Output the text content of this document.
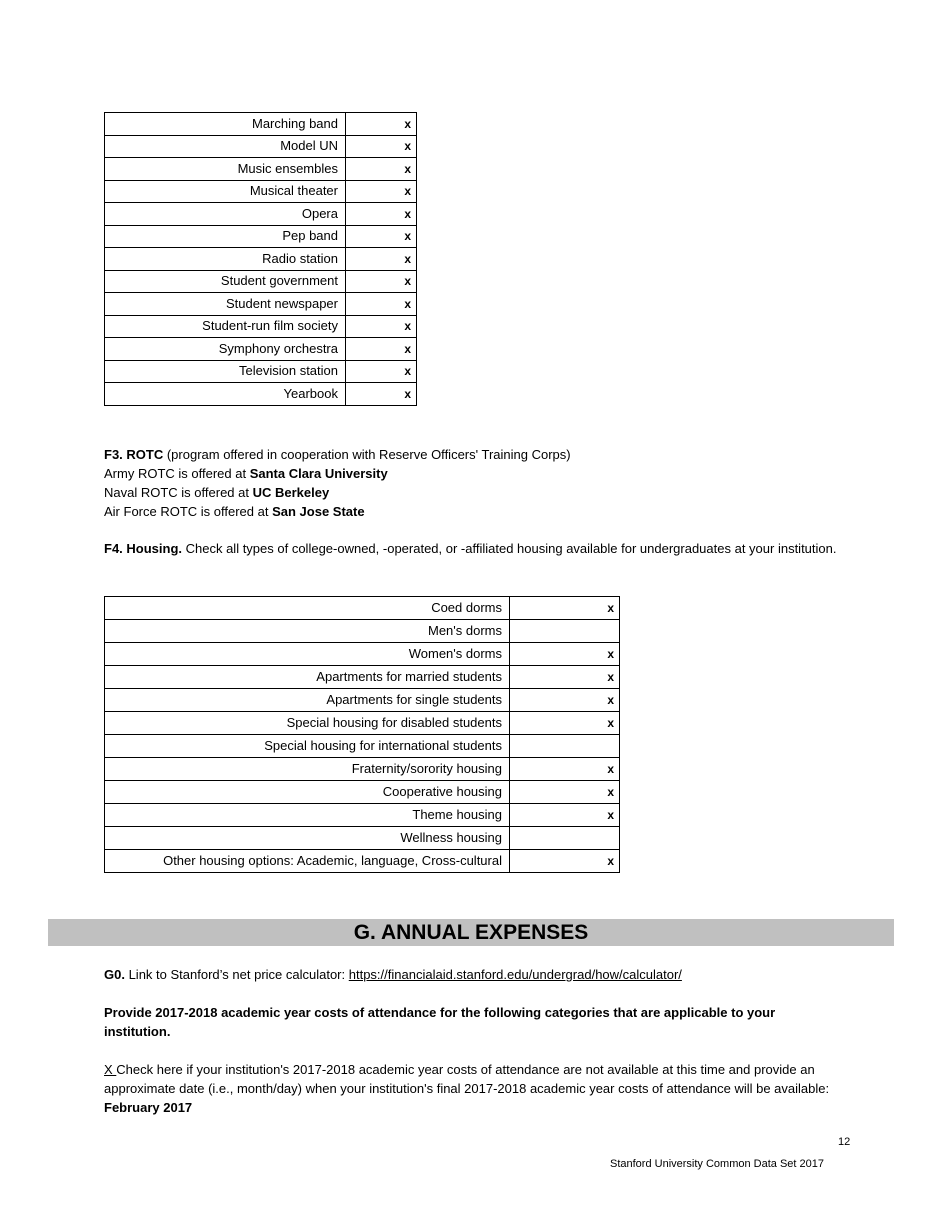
Marching band	x
Model UN	x
Music ensembles	x
Musical theater	x
Opera	x
Pep band	x
Radio station	x
Student government	x
Student newspaper	x
Student-run film society	x
Symphony orchestra	x
Television station	x
Yearbook	x
F3. ROTC (program offered in cooperation with Reserve Officers' Training Corps)
Army ROTC is offered at Santa Clara University
Naval ROTC is offered at UC Berkeley
Air Force ROTC is offered at San Jose State
F4. Housing. Check all types of college-owned, -operated, or -affiliated housing available for undergraduates at your institution.
Coed dorms	x
Men's dorms	
Women's dorms	x
Apartments for married students	x
Apartments for single students	x
Special housing for disabled students	x
Special housing for international students	
Fraternity/sorority housing	x
Cooperative housing	x
Theme housing	x
Wellness housing	
Other housing options: Academic, language, Cross-cultural	x
G. ANNUAL EXPENSES
G0. Link to Stanford’s net price calculator: https://financialaid.stanford.edu/undergrad/how/calculator/
Provide 2017-2018 academic year costs of attendance for the following categories that are applicable to your institution.
X Check here if your institution's 2017-2018 academic year costs of attendance are not available at this time and provide an approximate date (i.e., month/day) when your institution's final 2017-2018 academic year costs of attendance will be available: February 2017
12
Stanford University Common Data Set 2017
